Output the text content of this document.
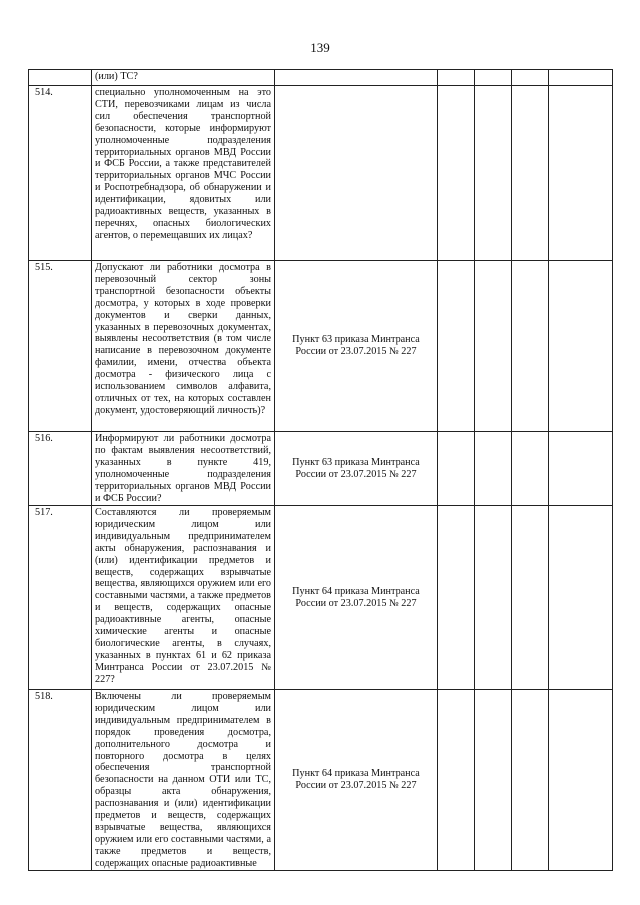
139
	(или) ТС?					
514.	специально уполномоченным на это СТИ, перевозчиками лицам из числа сил обеспечения транспортной безопасности, которые информируют уполномоченные подразделения территориальных органов МВД России и ФСБ России, а также представителей территориальных органов МЧС России и Роспотребнадзора, об обнаружении и идентификации, ядовитых или радиоактивных веществ, указанных в перечнях, опасных биологических агентов, о перемещавших их лицах?					
515.	Допускают ли работники досмотра в перевозочный сектор зоны транспортной безопасности объекты досмотра, у которых в ходе проверки документов и сверки данных, указанных в перевозочных документах, выявлены несоответствия (в том числе написание в перевозочном документе фамилии, имени, отчества объекта досмотра - физического лица с использованием символов алфавита, отличных от тех, на которых составлен документ, удостоверяющий личность)?	Пункт 63 приказа Минтранса России от 23.07.2015 № 227				
516.	Информируют ли работники досмотра по фактам выявления несоответствий, указанных в пункте 419, уполномоченные подразделения территориальных органов МВД России и ФСБ России?	Пункт 63 приказа Минтранса России от 23.07.2015 № 227				
517.	Составляются ли проверяемым юридическим лицом или индивидуальным предпринимателем акты обнаружения, распознавания и (или) идентификации предметов и веществ, содержащих взрывчатые вещества, являющихся оружием или его составными частями, а также предметов и веществ, содержащих опасные радиоактивные агенты, опасные химические агенты и опасные биологические агенты, в случаях, указанных в пунктах 61 и 62 приказа Минтранса России от 23.07.2015 № 227?	Пункт 64 приказа Минтранса России от 23.07.2015 № 227				
518.	Включены ли проверяемым юридическим лицом или индивидуальным предпринимателем в порядок проведения досмотра, дополнительного досмотра и повторного досмотра в целях обеспечения транспортной безопасности на данном ОТИ или ТС, образцы акта обнаружения, распознавания и (или) идентификации предметов и веществ, содержащих взрывчатые вещества, являющихся оружием или его составными частями, а также предметов и веществ, содержащих опасные радиоактивные	Пункт 64 приказа Минтранса России от 23.07.2015 № 227				
